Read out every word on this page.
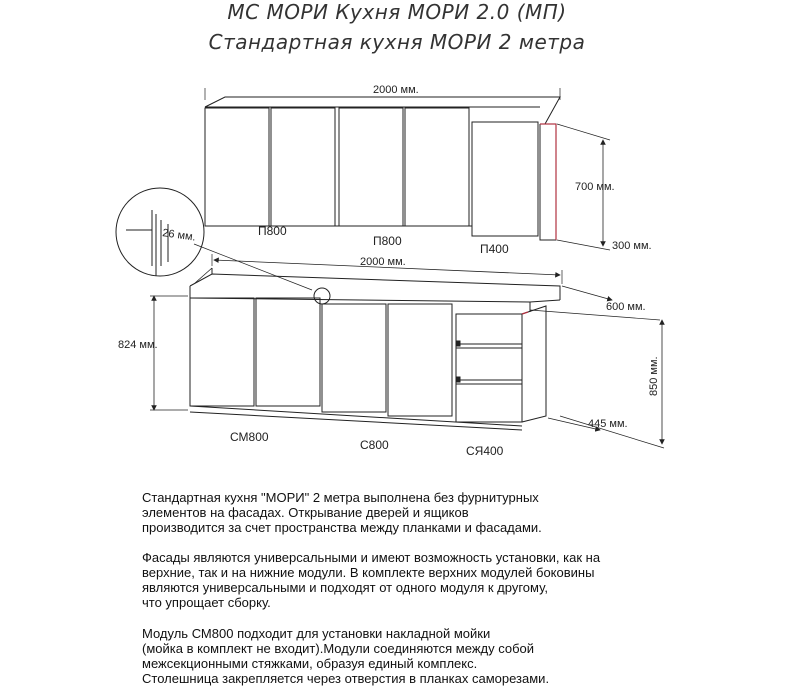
МС МОРИ Кухня МОРИ 2.0 (МП)
Стандартная кухня МОРИ 2 метра
2000 мм.
700 мм.
300 мм.
П800
П800
П400
26 мм.
2000 мм.
600 мм.
824 мм.
850 мм.
445 мм.
СМ800
С800	СЯ400
Стандартная кухня "МОРИ" 2 метра выполнена без фурнитурных
элементов на фасадах. Открывание дверей и ящиков
производится за счет пространства между планками и фасадами.
Фасады являются универсальными и имеют возможность установки, как на
верхние, так и на нижние модули. В комплекте верхних модулей боковины
являются универсальными и подходят от одного модуля к другому,
что упрощает сборку.
Модуль СМ800 подходит для установки накладной мойки
(мойка в комплект не входит).Модули соединяются между собой
межсекционными стяжками, образуя единый комплекс.
Столешница закрепляется через отверстия в планках саморезами.
